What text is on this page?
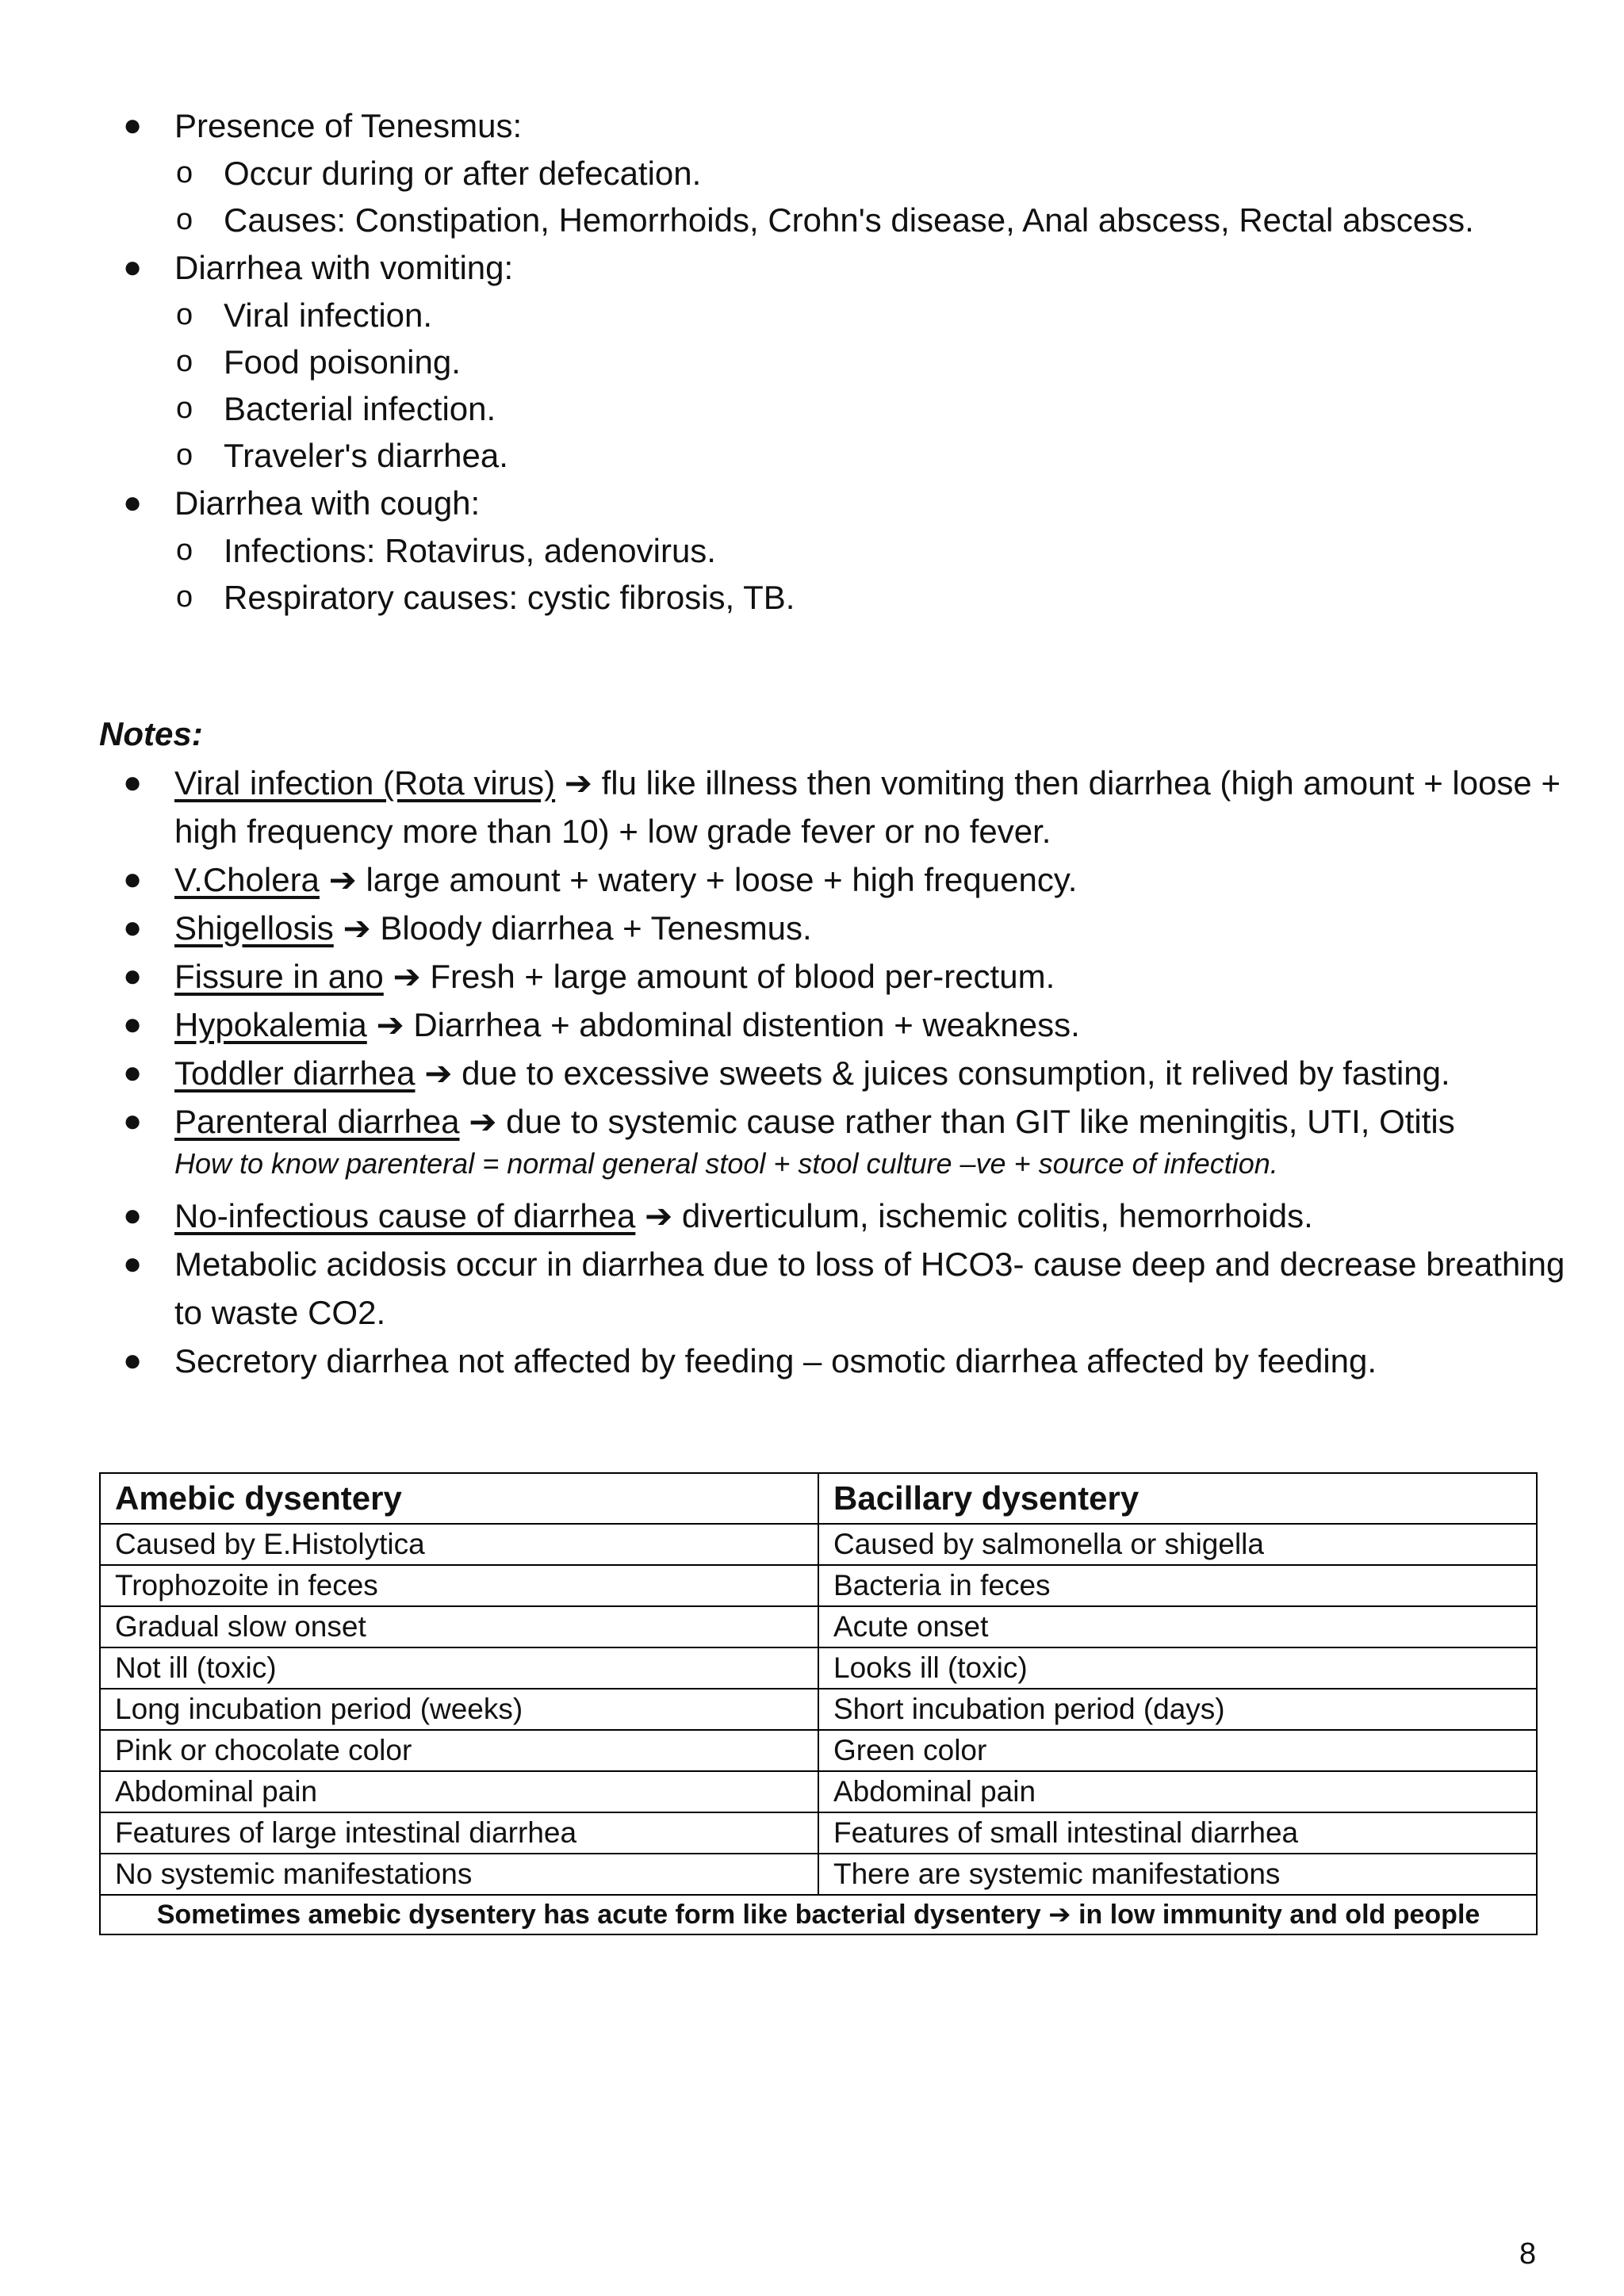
● Presence of Tenesmus:
o Occur during or after defecation.
o Causes: Constipation, Hemorrhoids, Crohn's disease, Anal abscess, Rectal abscess.
● Diarrhea with vomiting:
o Viral infection.
o Food poisoning.
o Bacterial infection.
o Traveler's diarrhea.
● Diarrhea with cough:
o Infections: Rotavirus, adenovirus.
o Respiratory causes: cystic fibrosis, TB.

Notes:

● Viral infection (Rota virus) ➔ flu like illness then vomiting then diarrhea (high amount + loose + high frequency more than 10) + low grade fever or no fever.
● V.Cholera ➔ large amount + watery + loose + high frequency.
● Shigellosis ➔ Bloody diarrhea + Tenesmus.
● Fissure in ano ➔ Fresh + large amount of blood per-rectum.
● Hypokalemia ➔ Diarrhea + abdominal distention + weakness.
● Toddler diarrhea ➔ due to excessive sweets & juices consumption, it relived by fasting.
● Parenteral diarrhea ➔ due to systemic cause rather than GIT like meningitis, UTI, Otitis
How to know parenteral = normal general stool + stool culture –ve + source of infection.
● No-infectious cause of diarrhea ➔ diverticulum, ischemic colitis, hemorrhoids.
● Metabolic acidosis occur in diarrhea due to loss of HCO3- cause deep and decrease breathing to waste CO2.
● Secretory diarrhea not affected by feeding – osmotic diarrhea affected by feeding.
Amebic dysentery	Bacillary dysentery
Caused by E.Histolytica	Caused by salmonella or shigella
Trophozoite in feces	Bacteria in feces
Gradual slow onset	Acute onset
Not ill (toxic)	Looks ill (toxic)
Long incubation period (weeks)	Short incubation period (days)
Pink or chocolate color	Green color
Abdominal pain	Abdominal pain
Features of large intestinal diarrhea	Features of small intestinal diarrhea
No systemic manifestations	There are systemic manifestations
Sometimes amebic dysentery has acute form like bacterial dysentery ➔ in low immunity and old people	

8
